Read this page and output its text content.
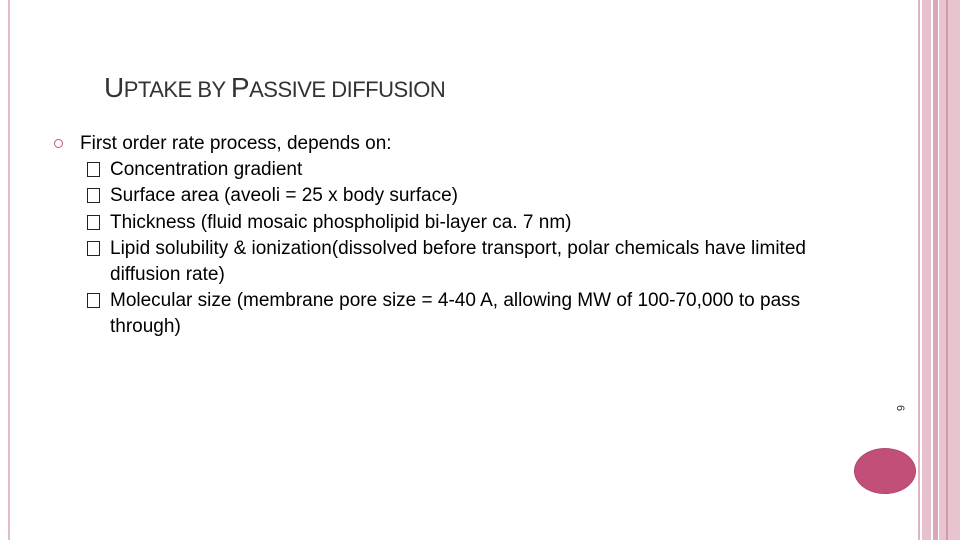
UPTAKE BY PASSIVE DIFFUSION
First order rate process, depends on:
Concentration gradient
Surface area (aveoli = 25 x body surface)
Thickness (fluid mosaic phospholipid bi-layer ca. 7 nm)
Lipid solubility & ionization(dissolved before transport, polar chemicals have limited diffusion rate)
Molecular size (membrane pore size = 4-40 A, allowing MW of 100-70,000 to pass through)
6
